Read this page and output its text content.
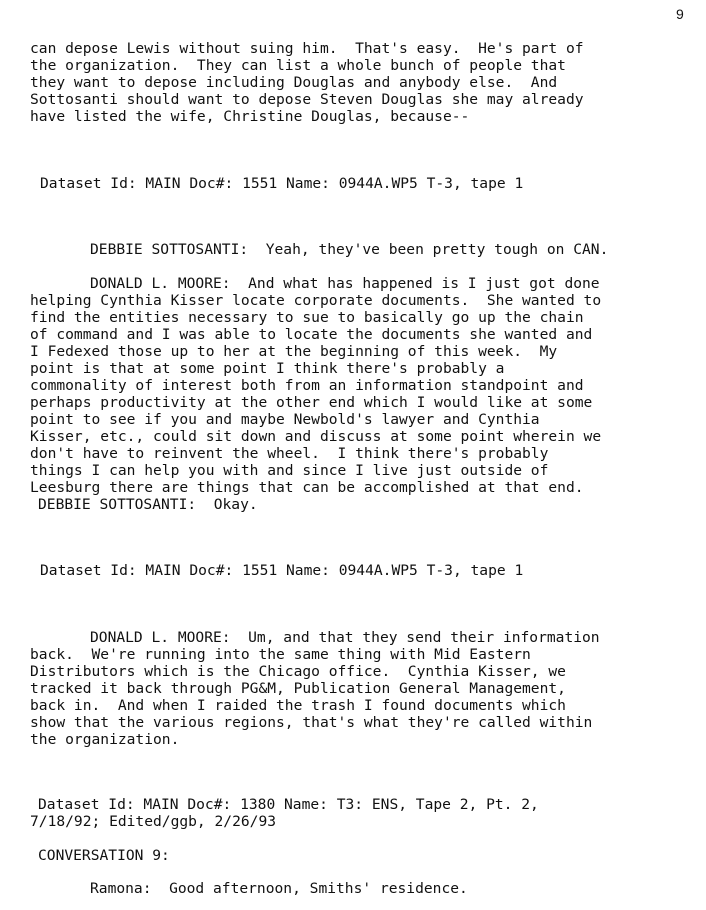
9
can depose Lewis without suing him.  That's easy.  He's part of
the organization.  They can list a whole bunch of people that
they want to depose including Douglas and anybody else.  And
Sottosanti should want to depose Steven Douglas she may already
have listed the wife, Christine Douglas, because--
Dataset Id: MAIN Doc#: 1551 Name: 0944A.WP5 T-3, tape 1
DEBBIE SOTTOSANTI:  Yeah, they've been pretty tough on CAN.
DONALD L. MOORE:  And what has happened is I just got done
helping Cynthia Kisser locate corporate documents.  She wanted to
find the entities necessary to sue to basically go up the chain
of command and I was able to locate the documents she wanted and
I Fedexed those up to her at the beginning of this week.  My
point is that at some point I think there's probably a
commonality of interest both from an information standpoint and
perhaps productivity at the other end which I would like at some
point to see if you and maybe Newbold's lawyer and Cynthia
Kisser, etc., could sit down and discuss at some point wherein we
don't have to reinvent the wheel.  I think there's probably
things I can help you with and since I live just outside of
Leesburg there are things that can be accomplished at that end.
DEBBIE SOTTOSANTI:  Okay.
Dataset Id: MAIN Doc#: 1551 Name: 0944A.WP5 T-3, tape 1
DONALD L. MOORE:  Um, and that they send their information
back.  We're running into the same thing with Mid Eastern
Distributors which is the Chicago office.  Cynthia Kisser, we
tracked it back through PG&M, Publication General Management,
back in.  And when I raided the trash I found documents which
show that the various regions, that's what they're called within
the organization.
Dataset Id: MAIN Doc#: 1380 Name: T3: ENS, Tape 2, Pt. 2,
7/18/92; Edited/ggb, 2/26/93
CONVERSATION 9:
Ramona:  Good afternoon, Smiths' residence.
